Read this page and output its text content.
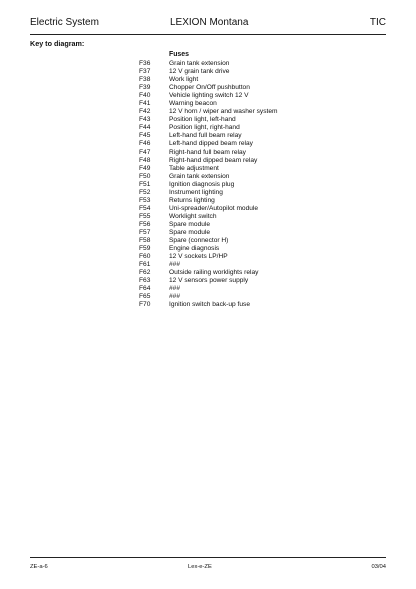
Electric System	LEXION Montana	TIC
Key to diagram:
Fuses
F36	Grain tank extension
F37	12 V grain tank drive
F38	Work light
F39	Chopper On/Off pushbutton
F40	Vehicle lighting switch 12 V
F41	Warning beacon
F42	12 V horn / wiper and washer system
F43	Position light, left-hand
F44	Position light, right-hand
F45	Left-hand full beam relay
F46	Left-hand dipped beam relay
F47	Right-hand full beam relay
F48	Right-hand dipped beam relay
F49	Table adjustment
F50	Grain tank extension
F51	Ignition diagnosis plug
F52	Instrument lighting
F53	Returns lighting
F54	Uni-spreader/Autopilot module
F55	Worklight switch
F56	Spare module
F57	Spare module
F58	Spare (connector H)
F59	Engine diagnosis
F60	12 V sockets LP/HP
F61	###
F62	Outside railing worklights relay
F63	12 V sensors power supply
F64	###
F65	###
F70	Ignition switch back-up fuse
ZE-a-6	Lex-e-ZE	03/04
